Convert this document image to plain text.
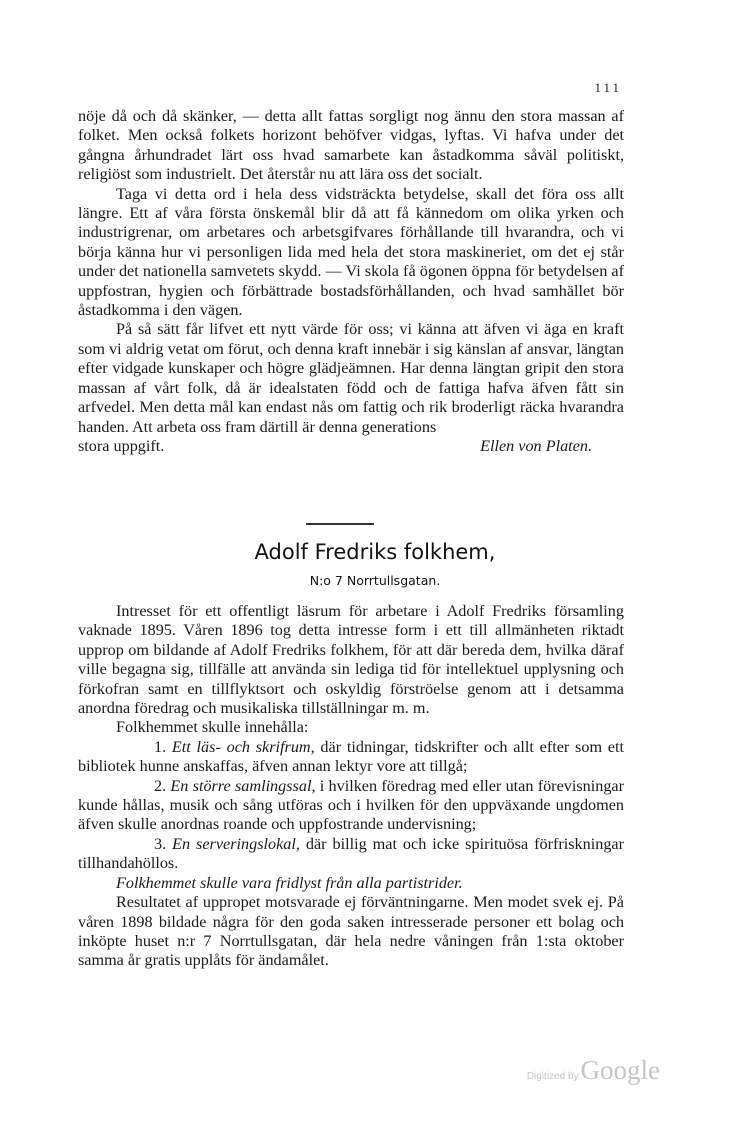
111

nöje då och då skänker, — detta allt fattas sorgligt nog ännu den stora massan af folket. Men också folkets horizont behöfver vidgas, lyftas. Vi hafva under det gångna århundradet lärt oss hvad samarbete kan åstadkomma såväl politiskt, religiöst som industrielt. Det återstår nu att lära oss det socialt.

Taga vi detta ord i hela dess vidsträckta betydelse, skall det föra oss allt längre. Ett af våra första önskemål blir då att få kännedom om olika yrken och industrigrenar, om arbetares och arbetsgifvares förhållande till hvarandra, och vi börja känna hur vi personligen lida med hela det stora maskineriet, om det ej står under det nationella samvetets skydd. — Vi skola få ögonen öppna för betydelsen af uppfostran, hygien och förbättrade bostadsförhållanden, och hvad samhället bör åstadkomma i den vägen.

På så sätt får lifvet ett nytt värde för oss; vi känna att äfven vi äga en kraft som vi aldrig vetat om förut, och denna kraft innebär i sig känslan af ansvar, längtan efter vidgade kunskaper och högre glädjeämnen. Har denna längtan gripit den stora massan af vårt folk, då är idealstaten född och de fattiga hafva äfven fått sin arfvedel. Men detta mål kan endast nås om fattig och rik broderligt räcka hvarandra handen. Att arbeta oss fram därtill är denna generations

stora uppgift.	Ellen von Platen.
Adolf Fredriks folkhem,
N:o 7 Norrtullsgatan.

Intresset för ett offentligt läsrum för arbetare i Adolf Fredriks församling vaknade 1895. Våren 1896 tog detta intresse form i ett till allmänheten riktadt upprop om bildande af Adolf Fredriks folkhem, för att där bereda dem, hvilka däraf ville begagna sig, tillfälle att använda sin lediga tid för intellektuel upplysning och förkofran samt en tillflyktsort och oskyldig förströelse genom att i detsamma anordna föredrag och musikaliska tillställningar m. m.

Folkhemmet skulle innehålla:

1. Ett läs- och skrifrum, där tidningar, tidskrifter och allt efter som ett bibliotek hunne anskaffas, äfven annan lektyr vore att tillgå;

2. En större samlingssal, i hvilken föredrag med eller utan förevisningar kunde hållas, musik och sång utföras och i hvilken för den uppväxande ungdomen äfven skulle anordnas roande och uppfostrande undervisning;

3. En serveringslokal, där billig mat och icke spirituösa förfriskningar tillhandahöllos.

Folkhemmet skulle vara fridlyst från alla partistrider.

Resultatet af uppropet motsvarade ej förväntningarne. Men modet svek ej. På våren 1898 bildade några för den goda saken intresserade personer ett bolag och inköpte huset n:r 7 Norrtullsgatan, där hela nedre våningen från 1:sta oktober samma år gratis upplåts för ändamålet.

Digitized by Google
